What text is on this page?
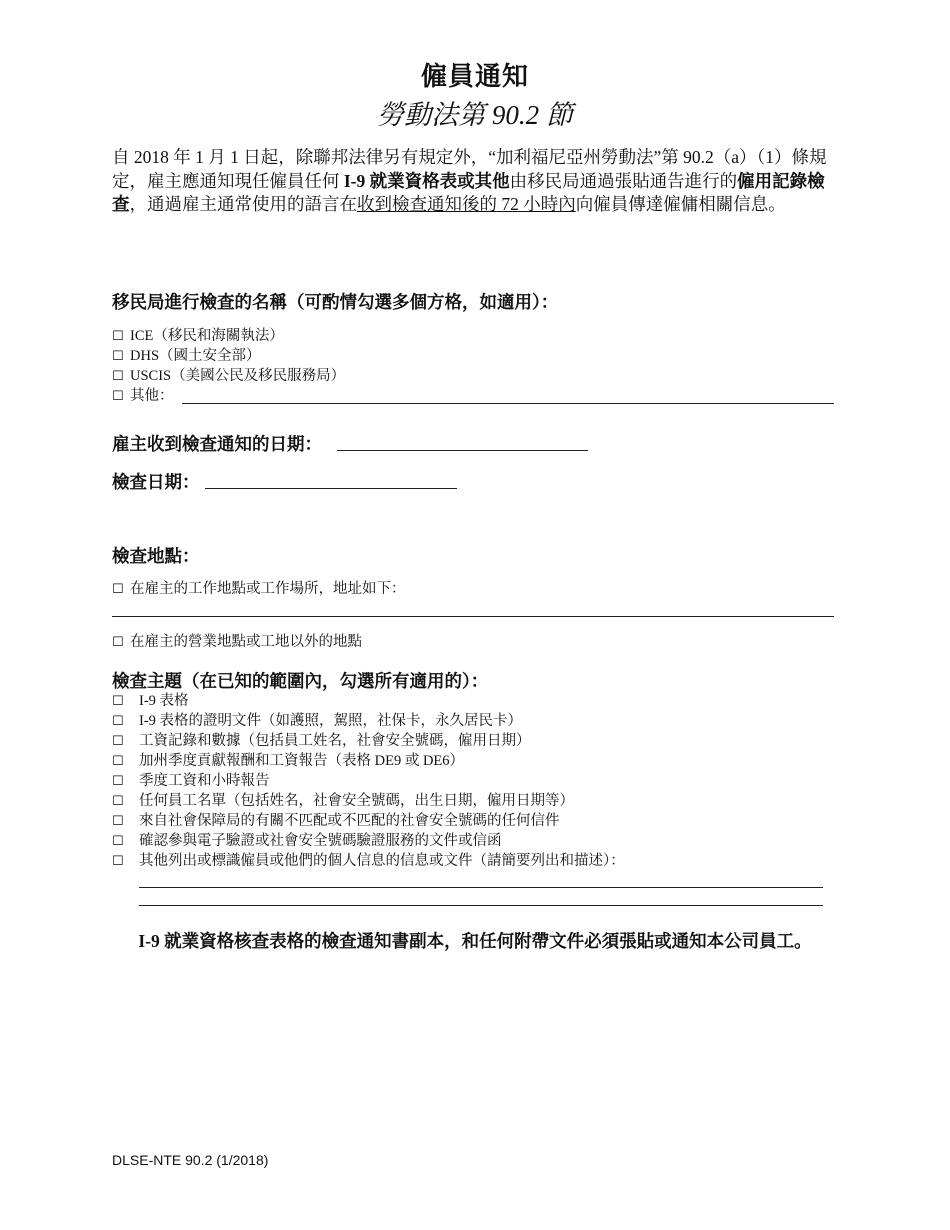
僱員通知
勞動法第 90.2 節
自 2018 年 1 月 1 日起，除聯邦法律另有規定外，“加利福尼亞州勞動法”第 90.2（a）（1）條規定，雇主應通知現任僱員任何 I-9 就業資格表或其他由移民局通過張貼通告進行的僱用記錄檢查，通過雇主通常使用的語言在收到檢查通知後的 72 小時內向僱員傳達僱傭相關信息。
移民局進行檢查的名稱（可酌情勾選多個方格，如適用）：
☐ ICE（移民和海關執法）
☐ DHS（國土安全部）
☐ USCIS（美國公民及移民服務局）
☐ 其他：
雇主收到檢查通知的日期：
檢查日期：
檢查地點：
☐ 在雇主的工作地點或工作場所，地址如下：
☐ 在雇主的營業地點或工地以外的地點
檢查主題（在已知的範圍內，勾選所有適用的）：
☐ I-9 表格
☐ I-9 表格的證明文件（如護照，駕照，社保卡，永久居民卡）
☐ 工資記錄和數據（包括員工姓名，社會安全號碼，僱用日期）
☐ 加州季度貢獻報酬和工資報告（表格 DE9 或 DE6）
☐ 季度工資和小時報告
☐ 任何員工名單（包括姓名，社會安全號碼，出生日期，僱用日期等）
☐ 來自社會保障局的有關不匹配或不匹配的社會安全號碼的任何信件
☐ 確認參與電子驗證或社會安全號碼驗證服務的文件或信函
☐ 其他列出或標識僱員或他們的個人信息的信息或文件（請簡要列出和描述）：
I-9 就業資格核查表格的檢查通知書副本，和任何附帶文件必須張貼或通知本公司員工。
DLSE-NTE 90.2 (1/2018)
